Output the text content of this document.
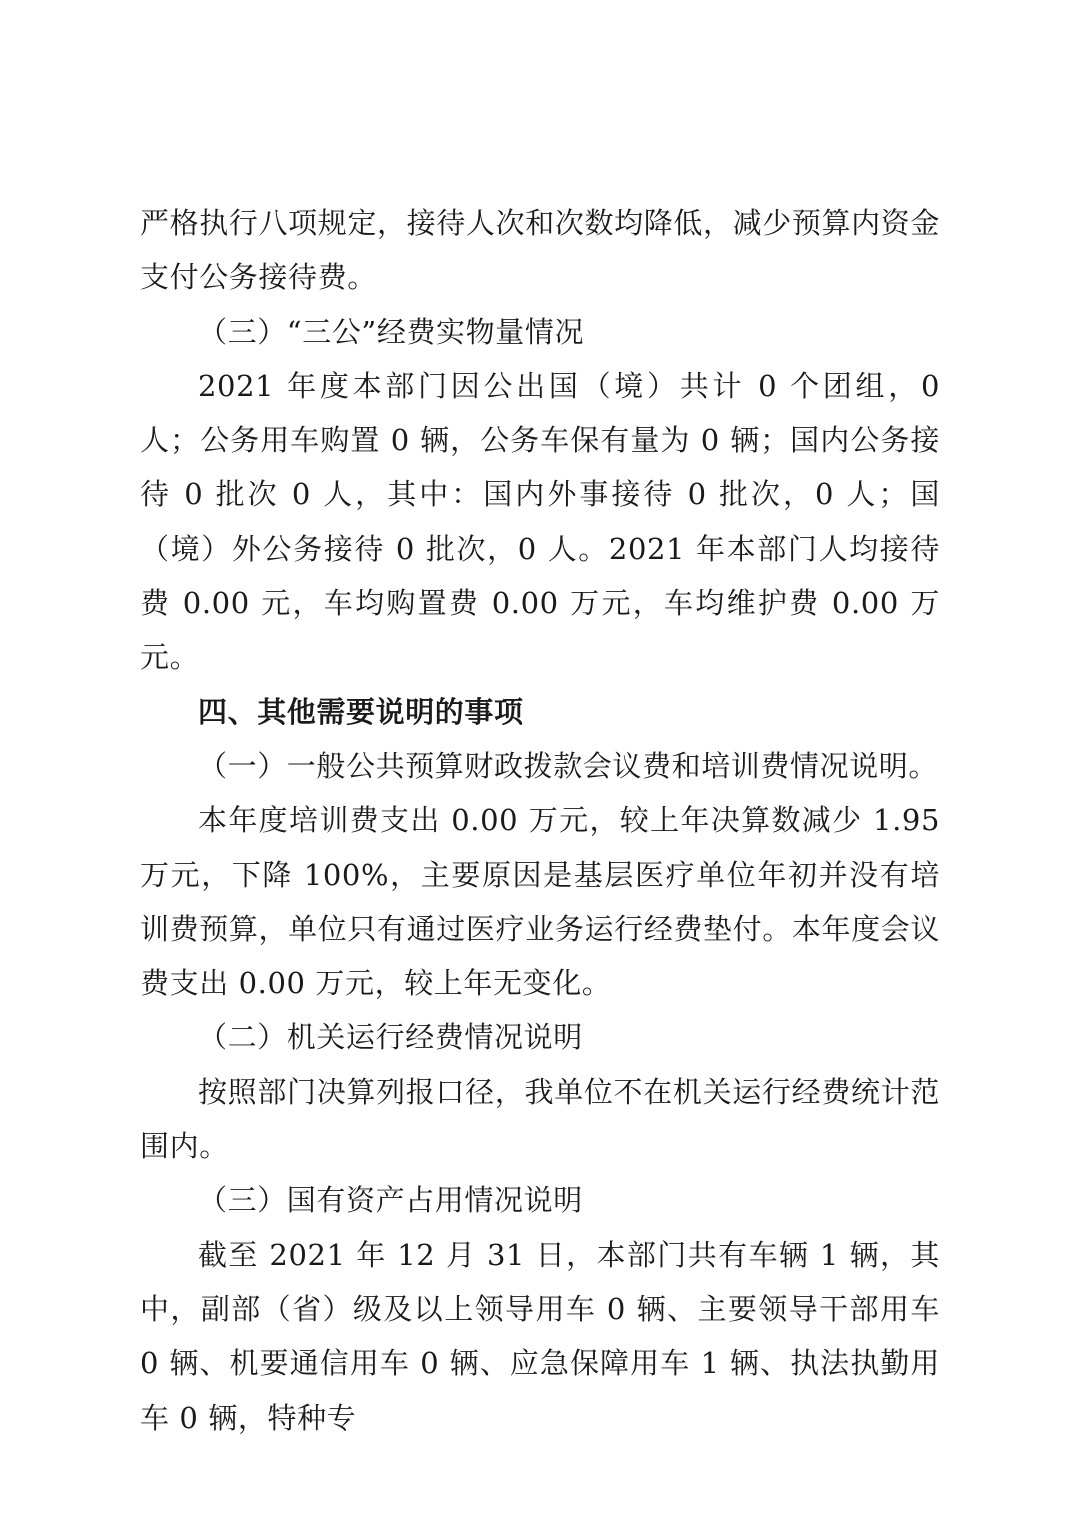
严格执行八项规定，接待人次和次数均降低，减少预算内资金支付公务接待费。

（三）“三公”经费实物量情况

2021 年度本部门因公出国（境）共计 0 个团组，0 人；公务用车购置 0 辆，公务车保有量为 0 辆；国内公务接待 0 批次 0 人，其中：国内外事接待 0 批次，0 人；国（境）外公务接待 0 批次，0 人。2021 年本部门人均接待费 0.00 元，车均购置费 0.00 万元，车均维护费 0.00 万元。

四、其他需要说明的事项

（一）一般公共预算财政拨款会议费和培训费情况说明。

本年度培训费支出 0.00 万元，较上年决算数减少 1.95 万元，下降 100%，主要原因是基层医疗单位年初并没有培训费预算，单位只有通过医疗业务运行经费垫付。本年度会议费支出 0.00 万元，较上年无变化。

（二）机关运行经费情况说明

按照部门决算列报口径，我单位不在机关运行经费统计范围内。

（三）国有资产占用情况说明

截至 2021 年 12 月 31 日，本部门共有车辆 1 辆，其中，副部（省）级及以上领导用车 0 辆、主要领导干部用车 0 辆、机要通信用车 0 辆、应急保障用车 1 辆、执法执勤用车 0 辆，特种专
